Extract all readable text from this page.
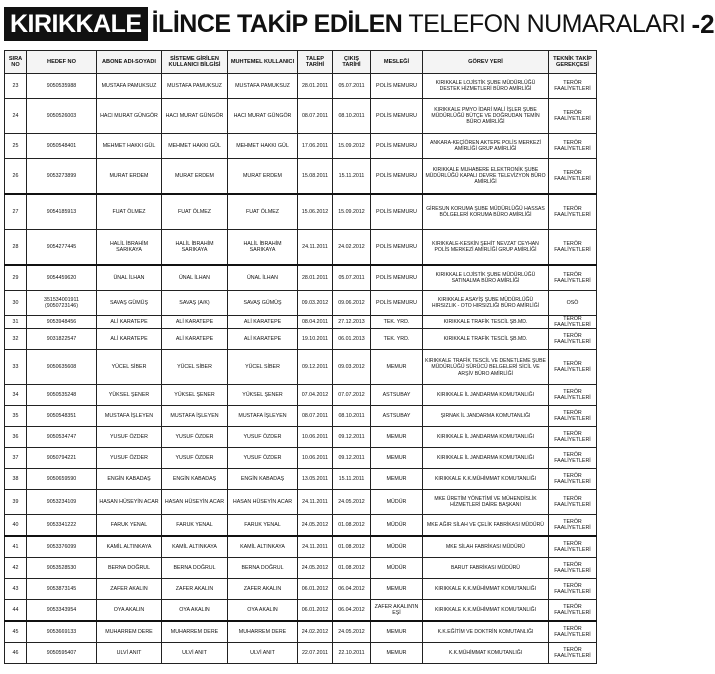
KIRIKKALE İLİNCE TAKİP EDİLEN TELEFON NUMARALARI -2
SIRA NO	HEDEF NO	ABONE ADI-SOYADI	SİSTEME GİRİLEN KULLANICI BİLGİSİ	MUHTEMEL KULLANICI	TALEP TARİHİ	ÇIKIŞ TARİHİ	MESLEĞİ	GÖREV YERİ	TEKNİK TAKİP GEREKÇESİ
23	9050535988	MUSTAFA PAMUKSUZ	MUSTAFA PAMUKSUZ	MUSTAFA PAMUKSUZ	28.01.2011	05.07.2011	POLİS MEMURU	KIRIKKALE LOJİSTİK ŞUBE MÜDÜRLÜĞÜ DESTEK HİZMETLERİ BÜRO AMİRLİĞİ	TERÖR FAALİYETLERİ
24	9050526003	HACI MURAT GÜNGÖR	HACI MURAT GÜNGÖR	HACI MURAT GÜNGÖR	08.07.2011	08.10.2011	POLİS MEMURU	KIRIKKALE PMYO İDARİ MALİ İŞLER ŞUBE MÜDÜRLÜĞÜ BÜTÇE VE DOĞRUDAN TEMİN BÜRO AMİRLİĞİ	TERÖR FAALİYETLERİ
25	9050548401	MEHMET HAKKI GÜL	MEHMET HAKKI GÜL	MEHMET HAKKI GÜL	17.06.2011	15.09.2012	POLİS MEMURU	ANKARA-KEÇİÖREN AKTEPE POLİS MERKEZİ AMİRLİĞİ GRUP AMİRLİĞİ	TERÖR FAALİYETLERİ
26	9053273899	MURAT ERDEM	MURAT ERDEM	MURAT ERDEM	15.08.2011	15.11.2011	POLİS MEMURU	KIRIKKALE MUHABERE ELEKTRONİK ŞUBE MÜDÜRLÜĞÜ KAPALI DEVRE TELEVİZYON BÜRO AMİRLİĞİ	TERÖR FAALİYETLERİ
27	9054185913	FUAT ÖLMEZ	FUAT ÖLMEZ	FUAT ÖLMEZ	15.06.2012	15.09.2012	POLİS MEMURU	GİRESUN KORUMA ŞUBE MÜDÜRLÜĞÜ HASSAS BÖLGELERİ KORUMA BÜRO AMİRLİĞİ	TERÖR FAALİYETLERİ
28	9054277445	HALİL İBRAHİM SARIKAYA	HALİL İBRAHİM SARIKAYA	HALİL İBRAHİM SARIKAYA	24.11.2011	24.02.2012	POLİS MEMURU	KIRIKKALE-KESKİN ŞEHİT NEVZAT CEYHAN POLİS MERKEZİ AMİRLİĞİ GRUP AMİRLİĞİ	TERÖR FAALİYETLERİ
29	9054459620	ÜNAL İLHAN	ÜNAL İLHAN	ÜNAL İLHAN	28.01.2011	05.07.2011	POLİS MEMURU	KIRIKKALE LOJİSTİK ŞUBE MÜDÜRLÜĞÜ SATINALMA BÜRO AMİRLİĞİ	TERÖR FAALİYETLERİ
30	351534001911 (9050723146)	SAVAŞ GÜMÜŞ	SAVAŞ (A/K)	SAVAŞ GÜMÜŞ	09.03.2012	09.06.2012	POLİS MEMURU	KIRIKKALE ASAYİŞ ŞUBE MÜDÜRLÜĞÜ HIRSIZLIK - OTO HIRSIZLIĞI BÜRO AMİRLİĞİ	OSÖ
31	9053948456	ALİ KARATEPE	ALİ KARATEPE	ALİ KARATEPE	08.04.2011	27.12.2013	TEK. YRD.	KIRIKKALE TRAFİK TESCİL ŞB.MD.	TERÖR FAALİYETLERİ
32	9031822547	ALİ KARATEPE	ALİ KARATEPE	ALİ KARATEPE	19.10.2011	06.01.2013	TEK. YRD.	KIRIKKALE TRAFİK TESCİL ŞB.MD.	TERÖR FAALİYETLERİ
33	9050635608	YÜCEL SİBER	YÜCEL SİBER	YÜCEL SİBER	09.12.2011	09.03.2012	MEMUR	KIRIKKALE TRAFİK TESCİL VE DENETLEME ŞUBE MÜDÜRLÜĞÜ SÜRÜCÜ BELGELERİ SİCİL VE ARŞİV BÜRO AMİRLİĞİ	TERÖR FAALİYETLERİ
34	9050535248	YÜKSEL ŞENER	YÜKSEL ŞENER	YÜKSEL ŞENER	07.04.2012	07.07.2012	ASTSUBAY	KIRIKKALE İL JANDARMA KOMUTANLIĞI	TERÖR FAALİYETLERİ
35	9050548351	MUSTAFA İŞLEYEN	MUSTAFA İŞLEYEN	MUSTAFA İŞLEYEN	08.07.2011	08.10.2011	ASTSUBAY	ŞIRNAK İL JANDARMA KOMUTANLIĞI	TERÖR FAALİYETLERİ
36	9050534747	YUSUF ÖZDER	YUSUF ÖZDER	YUSUF ÖZDER	10.06.2011	09.12.2011	MEMUR	KIRIKKALE İL JANDARMA KOMUTANLIĞI	TERÖR FAALİYETLERİ
37	9050794221	YUSUF ÖZDER	YUSUF ÖZDER	YUSUF ÖZDER	10.06.2011	09.12.2011	MEMUR	KIRIKKALE İL JANDARMA KOMUTANLIĞI	TERÖR FAALİYETLERİ
38	9050659590	ENGİN KABADAŞ	ENGİN KABADAŞ	ENGİN KABADAŞ	13.05.2011	15.11.2011	MEMUR	KIRIKKALE K.K.MÜHİMMAT KOMUTANLIĞI	TERÖR FAALİYETLERİ
39	9053234109	HASAN HÜSEYİN ACAR	HASAN HÜSEYİN ACAR	HASAN HÜSEYİN ACAR	24.11.2011	24.05.2012	MÜDÜR	MKE ÜRETİM YÖNETİMİ VE MÜHENDİSLİK HİZMETLERİ DAİRE BAŞKANI	TERÖR FAALİYETLERİ
40	9053341222	FARUK YENAL	FARUK YENAL	FARUK YENAL	24.05.2012	01.08.2012	MÜDÜR	MKE AĞIR SİLAH VE ÇELİK FABRİKASI MÜDÜRÜ	TERÖR FAALİYETLERİ
41	9053376099	KAMİL ALTINKAYA	KAMİL ALTINKAYA	KAMİL ALTINKAYA	24.11.2011	01.08.2012	MÜDÜR	MKE SİLAH FABRİKASI MÜDÜRÜ	TERÖR FAALİYETLERİ
42	9053528530	BERNA DOĞRUL	BERNA DOĞRUL	BERNA DOĞRUL	24.05.2012	01.08.2012	MÜDÜR	BARUT FABRİKASI MÜDÜRÜ	TERÖR FAALİYETLERİ
43	9053873145	ZAFER AKALIN	ZAFER AKALIN	ZAFER AKALIN	06.01.2012	06.04.2012	MEMUR	KIRIKKALE K.K.MÜHİMMAT KOMUTANLIĞI	TERÖR FAALİYETLERİ
44	9053343954	OYA AKALIN	OYA AKALIN	OYA AKALIN	06.01.2012	06.04.2012	ZAFER AKALIN'IN EŞİ	KIRIKKALE K.K.MÜHİMMAT KOMUTANLIĞI	TERÖR FAALİYETLERİ
45	9053669133	MUHARREM DERE	MUHARREM DERE	MUHARREM DERE	24.02.2012	24.05.2012	MEMUR	K.K.EĞİTİM VE DOKTRİN KOMUTANLIĞI	TERÖR FAALİYETLERİ
46	9050595407	ULVİ ANIT	ULVİ ANIT	ULVİ ANIT	22.07.2011	22.10.2011	MEMUR	K.K.MÜHİMMAT KOMUTANLIĞI	TERÖR FAALİYETLERİ
